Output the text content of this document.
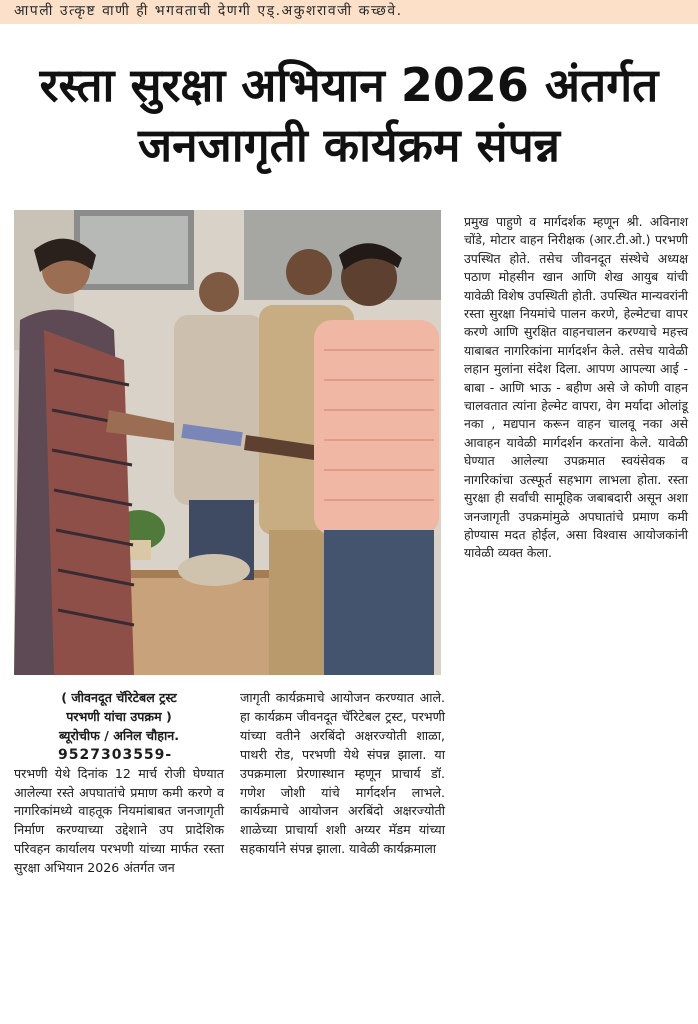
आपली उत्कृष्ट वाणी ही भगवताची देणगी एड्.अकुशरावजी कच्छवे.
रस्ता सुरक्षा अभियान 2026 अंतर्गत
जनजागृती कार्यक्रम संपन्न
( जीवनदूत चॅरिटेबल ट्रस्ट
परभणी यांचा उपक्रम )
ब्यूरोचीफ / अनिल चौहान.
9527303559-

परभणी येथे दिनांक 12 मार्च रोजी घेण्यात आलेल्या रस्ते अपघातांचे प्रमाण कमी करणे व नागरिकांमध्ये वाहतूक नियमांबाबत जनजागृती निर्माण करण्याच्या उद्देशाने उप प्रादेशिक परिवहन कार्यालय परभणी यांच्या मार्फत रस्ता सुरक्षा अभियान 2026 अंतर्गत जन

जागृती कार्यक्रमाचे आयोजन करण्यात आले. हा कार्यक्रम जीवनदूत चॅरिटेबल ट्रस्ट, परभणी यांच्या वतीने अरबिंदो अक्षरज्योती शाळा, पाथरी रोड, परभणी येथे संपन्न झाला. या उपक्रमाला प्रेरणास्थान म्हणून प्राचार्य डॉ. गणेश जोशी यांचे मार्गदर्शन लाभले. कार्यक्रमाचे आयोजन अरबिंदो अक्षरज्योती शाळेच्या प्राचार्या शशी अय्यर मॅडम यांच्या सहकार्याने संपन्न झाला. यावेळी कार्यक्रमाला

प्रमुख पाहुणे व मार्गदर्शक म्हणून श्री. अविनाश चोंडे, मोटार वाहन निरीक्षक (आर.टी.ओ.) परभणी उपस्थित होते. तसेच जीवनदूत संस्थेचे अध्यक्ष पठाण मोहसीन खान आणि शेख आयुब यांची यावेळी विशेष उपस्थिती होती. उपस्थित मान्यवरांनी रस्ता सुरक्षा नियमांचे पालन करणे, हेल्मेटचा वापर करणे आणि सुरक्षित वाहनचालन करण्याचे महत्त्व याबाबत नागरिकांना मार्गदर्शन केले. तसेच यावेळी लहान मुलांना संदेश दिला. आपण आपल्या आई - बाबा - आणि भाऊ - बहीण असे जे कोणी वाहन चालवतात त्यांना हेल्मेट वापरा, वेग मर्यादा ओलांडू नका , मद्यपान करून वाहन चालवू नका असे आवाहन यावेळी मार्गदर्शन करतांना केले. यावेळी घेण्यात आलेल्या उपक्रमात स्वयंसेवक व नागरिकांचा उत्स्फूर्त सहभाग लाभला होता. रस्ता सुरक्षा ही सर्वांची सामूहिक जबाबदारी असून अशा जनजागृती उपक्रमांमुळे अपघातांचे प्रमाण कमी होण्यास मदत होईल, असा विश्वास आयोजकांनी यावेळी व्यक्त केला.
